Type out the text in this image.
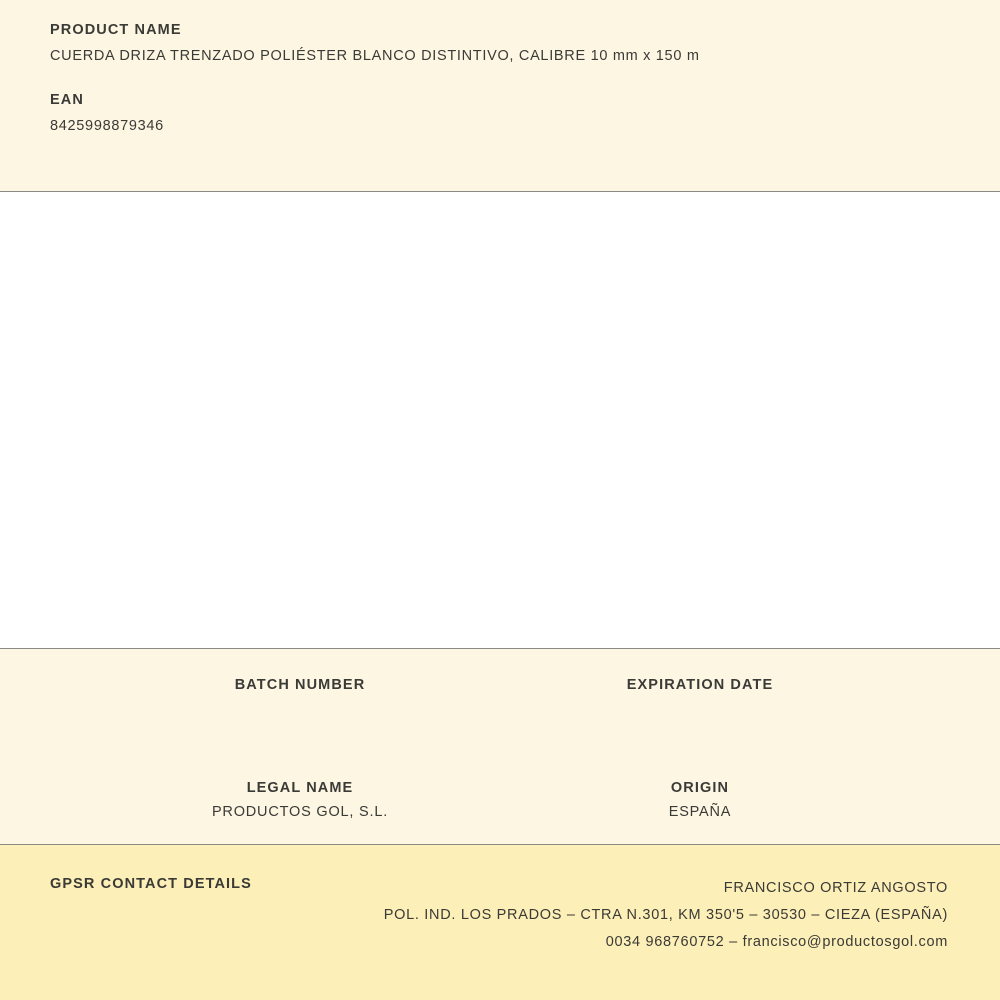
PRODUCT NAME

CUERDA DRIZA TRENZADO POLIÉSTER BLANCO DISTINTIVO, CALIBRE 10 mm x 150 m

EAN

8425998879346

BATCH NUMBER	EXPIRATION DATE

LEGAL NAME

PRODUCTOS GOL, S.L.

ORIGIN

ESPAÑA

GPSR CONTACT DETAILS	FRANCISCO ORTIZ ANGOSTO
POL. IND. LOS PRADOS – CTRA N.301, KM 350'5 – 30530 – CIEZA (ESPAÑA)
0034 968760752 – francisco@productosgol.com
